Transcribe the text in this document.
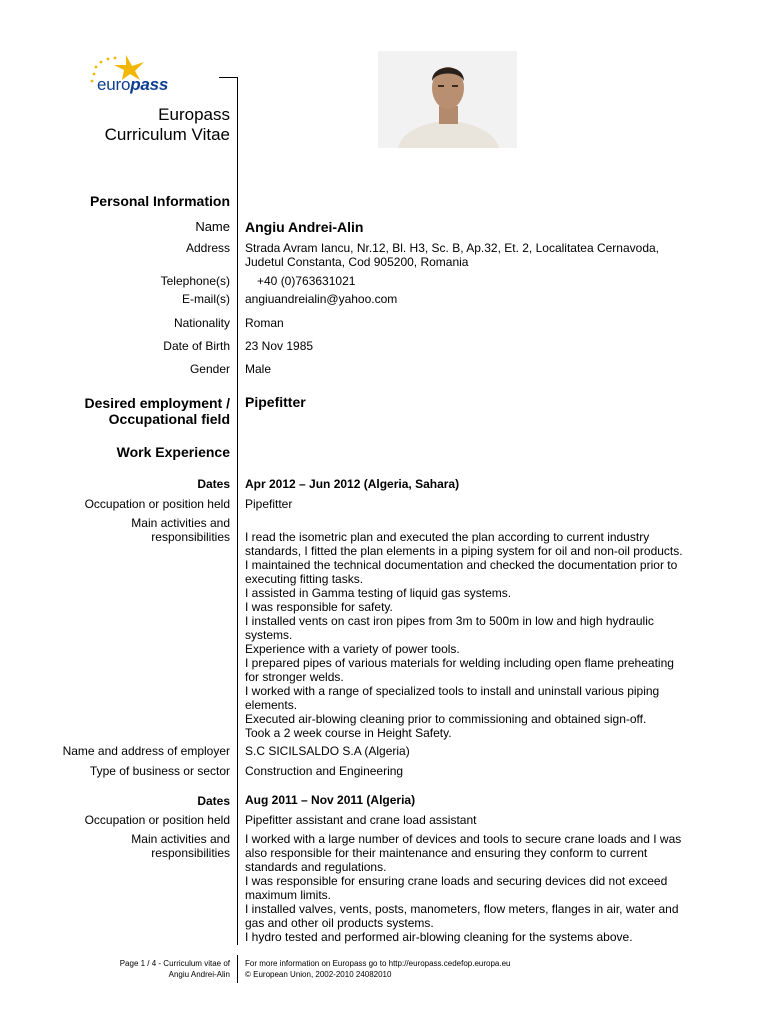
europass
Europass
Curriculum Vitae
Personal Information
Name Angiu Andrei-Alin
Address Strada Avram Iancu, Nr.12, Bl. H3, Sc. B, Ap.32, Et. 2, Localitatea Cernavoda,
Judetul Constanta, Cod 905200, Romania
Telephone(s) +40 (0)763631021
E-mail(s) angiuandreialin@yahoo.com
Nationality Roman
Date of Birth 23 Nov 1985
Gender Male
Desired employment /
Occupational field
Pipefitter
Work Experience
Dates Apr 2012 – Jun 2012 (Algeria, Sahara)
Occupation or position held Pipefitter
Main activities and
responsibilities I read the isometric plan and executed the plan according to current industry
standards, I fitted the plan elements in a piping system for oil and non-oil products.
I maintained the technical documentation and checked the documentation prior to
executing fitting tasks.
I assisted in Gamma testing of liquid gas systems.
I was responsible for safety.
I installed vents on cast iron pipes from 3m to 500m in low and high hydraulic
systems.
Experience with a variety of power tools.
I prepared pipes of various materials for welding including open flame preheating
for stronger welds.
I worked with a range of specialized tools to install and uninstall various piping
elements.
Executed air-blowing cleaning prior to commissioning and obtained sign-off.
Took a 2 week course in Height Safety.
Name and address of employer S.C SICILSALDO S.A (Algeria)
Type of business or sector Construction and Engineering
Dates Aug 2011 – Nov 2011 (Algeria)
Occupation or position held Pipefitter assistant and crane load assistant
Main activities and
responsibilities
I worked with a large number of devices and tools to secure crane loads and I was
also responsible for their maintenance and ensuring they conform to current
standards and regulations.
I was responsible for ensuring crane loads and securing devices did not exceed
maximum limits.
I installed valves, vents, posts, manometers, flow meters, flanges in air, water and
gas and other oil products systems.
I hydro tested and performed air-blowing cleaning for the systems above.
Page 1 / 4 - Curriculum vitae of
Angiu Andrei-Alin
For more information on Europass go to http://europass.cedefop.europa.eu
© European Union, 2002-2010 24082010
